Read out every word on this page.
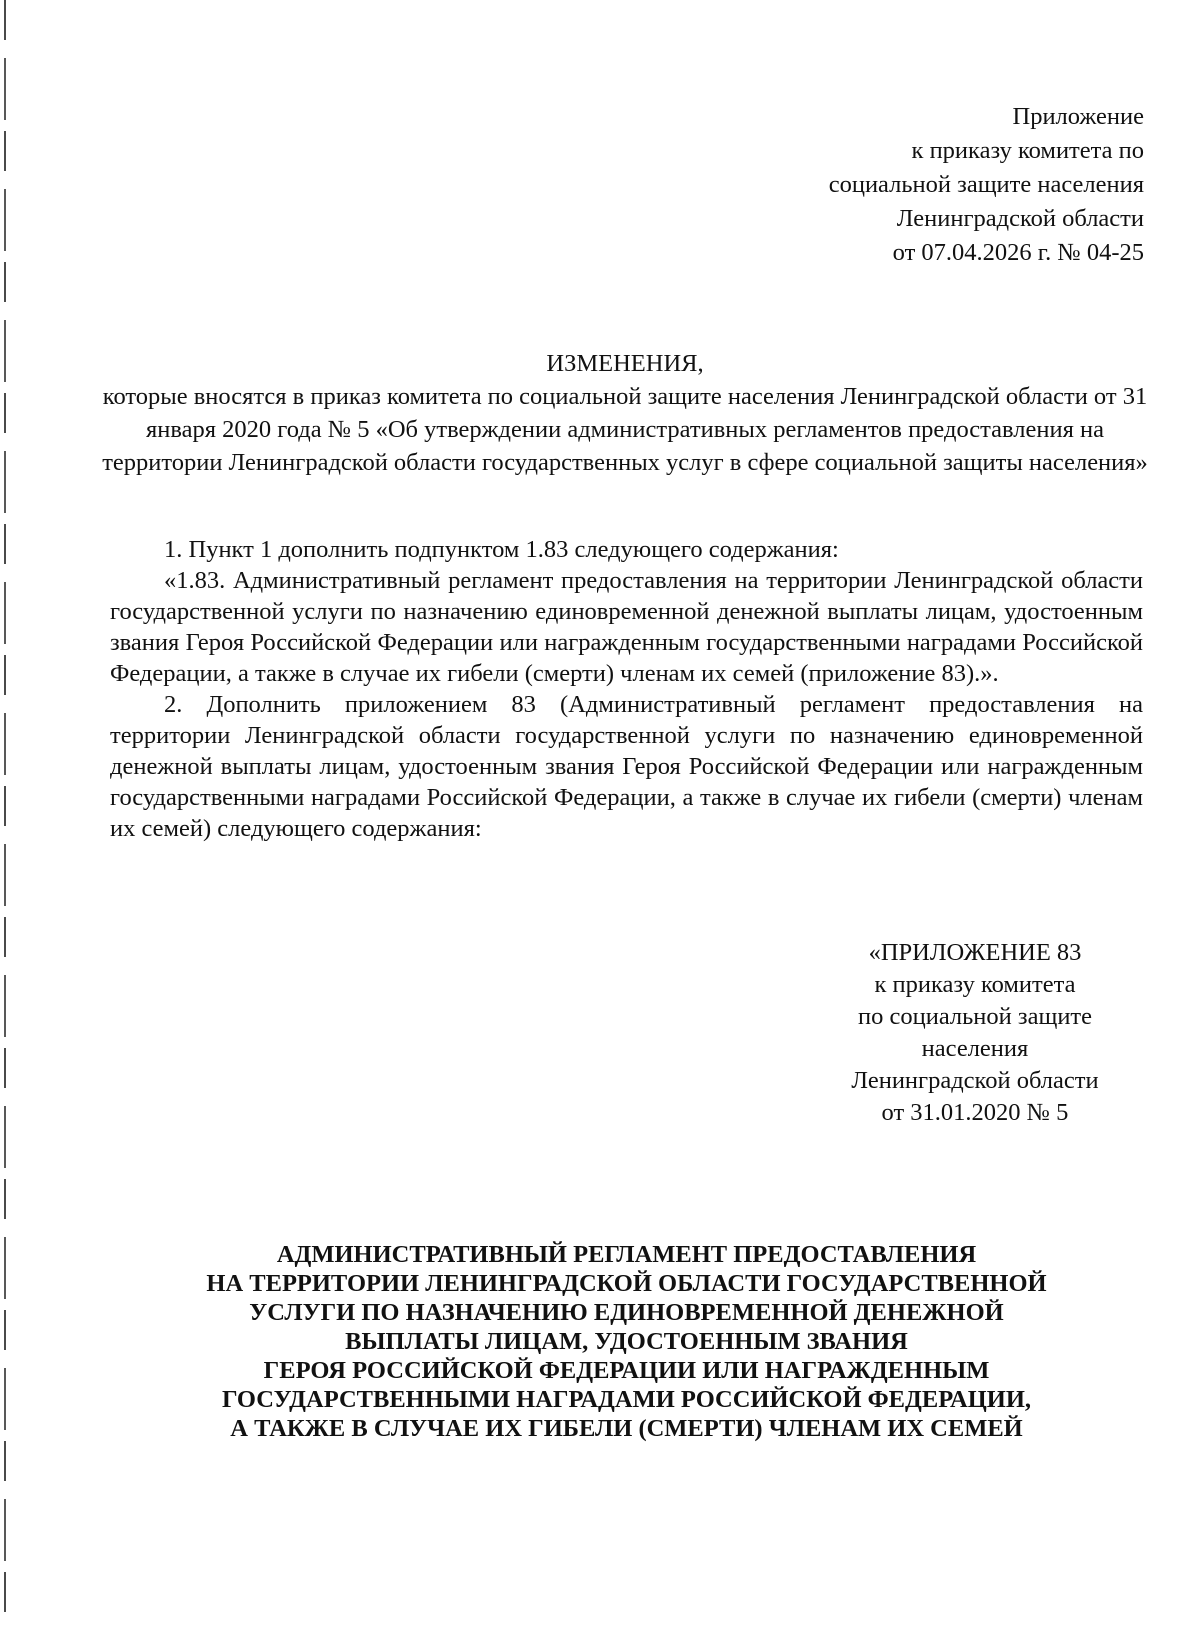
Приложение
к приказу комитета по
социальной защите населения
Ленинградской области
от 07.04.2026 г. № 04-25
ИЗМЕНЕНИЯ,
которые вносятся в приказ комитета по социальной защите населения Ленинградской области от 31 января 2020 года № 5 «Об утверждении административных регламентов предоставления на территории Ленинградской области государственных услуг в сфере социальной защиты населения»

1. Пункт 1 дополнить подпунктом 1.83 следующего содержания:

«1.83. Административный регламент предоставления на территории Ленинградской области государственной услуги по назначению единовременной денежной выплаты лицам, удостоенным звания Героя Российской Федерации или награжденным государственными наградами Российской Федерации, а также в случае их гибели (смерти) членам их семей (приложение 83).».

2. Дополнить приложением 83 (Административный регламент предоставления на территории Ленинградской области государственной услуги по назначению единовременной денежной выплаты лицам, удостоенным звания Героя Российской Федерации или награжденным государственными наградами Российской Федерации, а также в случае их гибели (смерти) членам их семей) следующего содержания:

«ПРИЛОЖЕНИЕ 83
к приказу комитета
по социальной защите
населения
Ленинградской области
от 31.01.2020 № 5
АДМИНИСТРАТИВНЫЙ РЕГЛАМЕНТ ПРЕДОСТАВЛЕНИЯ
НА ТЕРРИТОРИИ ЛЕНИНГРАДСКОЙ ОБЛАСТИ ГОСУДАРСТВЕННОЙ
УСЛУГИ ПО НАЗНАЧЕНИЮ ЕДИНОВРЕМЕННОЙ ДЕНЕЖНОЙ
ВЫПЛАТЫ ЛИЦАМ, УДОСТОЕННЫМ ЗВАНИЯ
ГЕРОЯ РОССИЙСКОЙ ФЕДЕРАЦИИ ИЛИ НАГРАЖДЕННЫМ
ГОСУДАРСТВЕННЫМИ НАГРАДАМИ РОССИЙСКОЙ ФЕДЕРАЦИИ,
А ТАКЖЕ В СЛУЧАЕ ИХ ГИБЕЛИ (СМЕРТИ) ЧЛЕНАМ ИХ СЕМЕЙ
